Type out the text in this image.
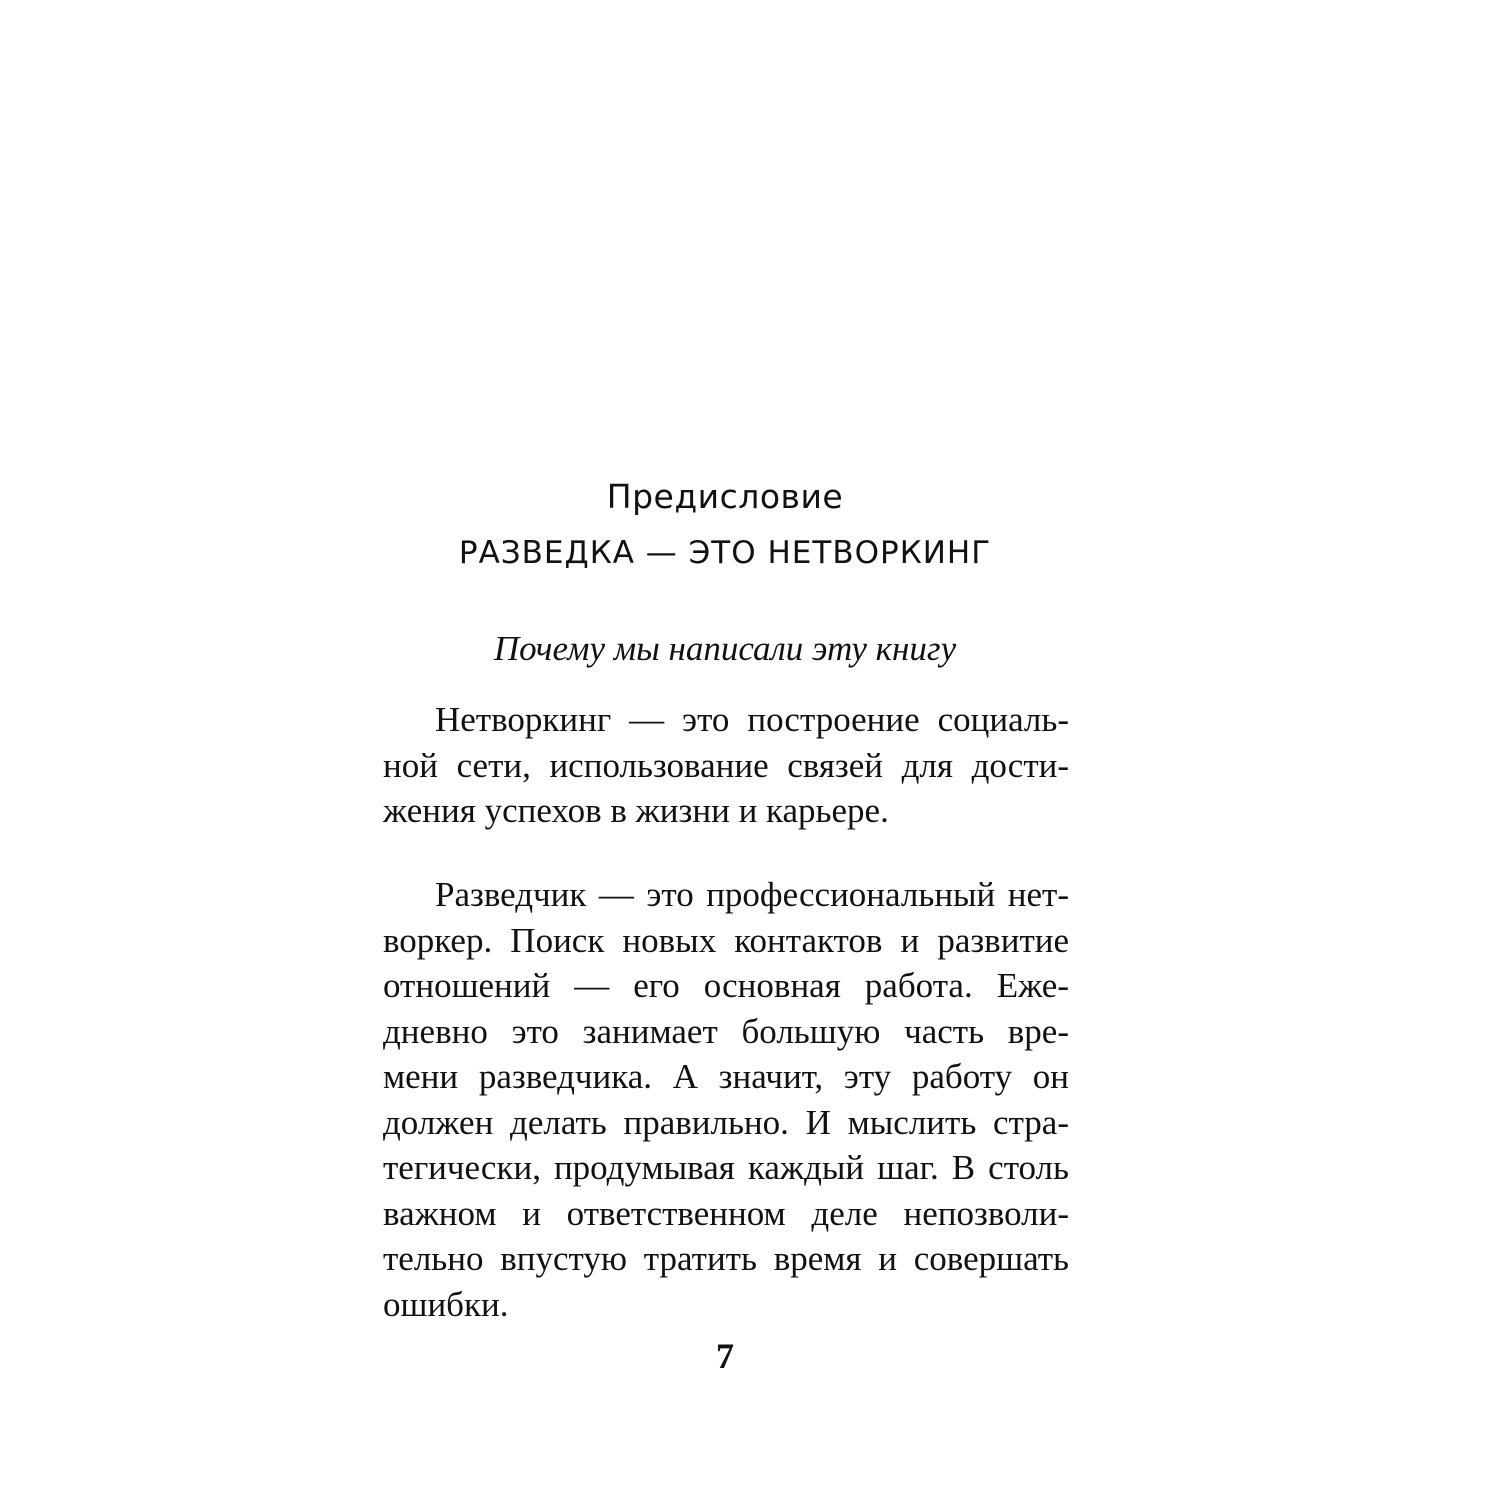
Предисловие
РАЗВЕДКА — ЭТО НЕТВОРКИНГ
Почему мы написали эту книгу
Нетворкинг — это построение социаль-
ной сети, использование связей для дости-
жения успехов в жизни и карьере.
Разведчик — это профессиональный нет-
воркер. Поиск новых контактов и развитие
отношений — его основная работа. Еже-
дневно это занимает большую часть вре-
мени разведчика. А значит, эту работу он
должен делать правильно. И мыслить стра-
тегически, продумывая каждый шаг. В столь
важном и ответственном деле непозволи-
тельно впустую тратить время и совершать
ошибки.
7
